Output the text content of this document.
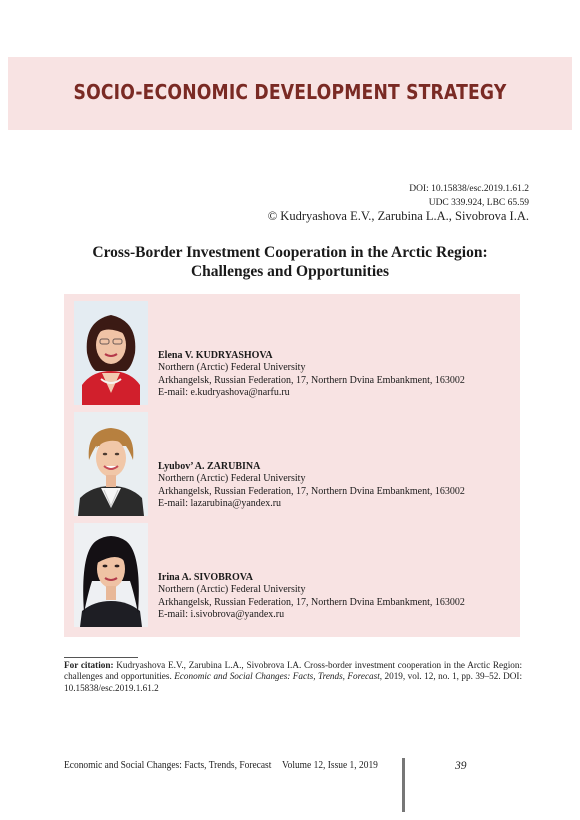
SOCIO-ECONOMIC DEVELOPMENT STRATEGY
DOI: 10.15838/esc.2019.1.61.2
UDC 339.924, LBC 65.59
© Kudryashova E.V., Zarubina L.A., Sivobrova I.A.
Cross-Border Investment Cooperation in the Arctic Region:
Challenges and Opportunities
Elena V. KUDRYASHOVA
Northern (Arctic) Federal University
Arkhangelsk, Russian Federation, 17, Northern Dvina Embankment, 163002
E-mail: e.kudryashova@narfu.ru
Lyubov’ A. ZARUBINA
Northern (Arctic) Federal University
Arkhangelsk, Russian Federation, 17, Northern Dvina Embankment, 163002
E-mail: lazarubina@yandex.ru
Irina A. SIVOBROVA
Northern (Arctic) Federal University
Arkhangelsk, Russian Federation, 17, Northern Dvina Embankment, 163002
E-mail: i.sivobrova@yandex.ru
For citation: Kudryashova E.V., Zarubina L.A., Sivobrova I.A. Cross-border investment cooperation in the Arctic Region: challenges and opportunities. Economic and Social Changes: Facts, Trends, Forecast, 2019, vol. 12, no. 1, pp. 39–52. DOI: 10.15838/esc.2019.1.61.2
Economic and Social Changes: Facts, Trends, Forecast Volume 12, Issue 1, 2019	39
